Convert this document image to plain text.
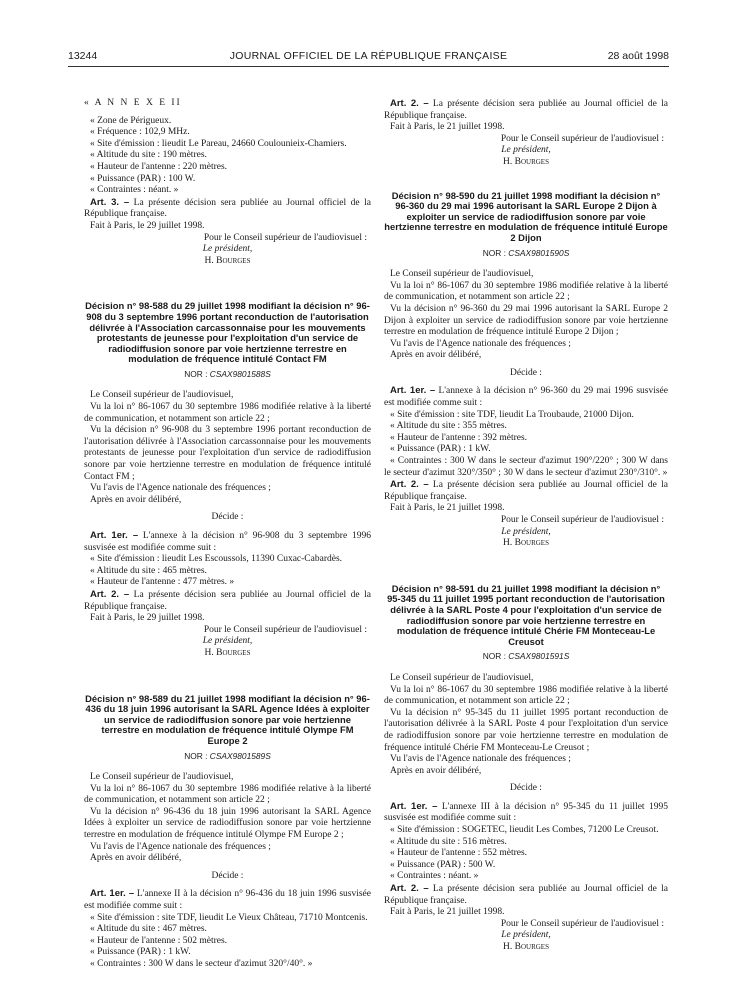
13244	JOURNAL OFFICIEL DE LA RÉPUBLIQUE FRANÇAISE	28 août 1998

« A N N E X E II

« Zone de Périgueux.

« Fréquence : 102,9 MHz.

« Site d'émission : lieudit Le Pareau, 24660 Coulounieix-Chamiers.

« Altitude du site : 190 mètres.

« Hauteur de l'antenne : 220 mètres.

« Puissance (PAR) : 100 W.

« Contraintes : néant. »

Art. 3. – La présente décision sera publiée au Journal officiel de la République française.

Fait à Paris, le 29 juillet 1998.

Pour le Conseil supérieur de l'audiovisuel :

Le président,

H. Bourges

Décision n° 98-588 du 29 juillet 1998 modifiant la décision n° 96-908 du 3 septembre 1996 portant reconduction de l'autorisation délivrée à l'Association carcassonnaise pour les mouvements protestants de jeunesse pour l'exploitation d'un service de radiodiffusion sonore par voie hertzienne terrestre en modulation de fréquence intitulé Contact FM

NOR : CSAX9801588S

Le Conseil supérieur de l'audiovisuel,

Vu la loi n° 86-1067 du 30 septembre 1986 modifiée relative à la liberté de communication, et notamment son article 22 ;

Vu la décision n° 96-908 du 3 septembre 1996 portant reconduction de l'autorisation délivrée à l'Association carcassonnaise pour les mouvements protestants de jeunesse pour l'exploitation d'un service de radiodiffusion sonore par voie hertzienne terrestre en modulation de fréquence intitulé Contact FM ;

Vu l'avis de l'Agence nationale des fréquences ;

Après en avoir délibéré,

Décide :

Art. 1er. – L'annexe à la décision n° 96-908 du 3 septembre 1996 susvisée est modifiée comme suit :

« Site d'émission : lieudit Les Escoussols, 11390 Cuxac-Cabardès.

« Altitude du site : 465 mètres.

« Hauteur de l'antenne : 477 mètres. »

Art. 2. – La présente décision sera publiée au Journal officiel de la République française.

Fait à Paris, le 29 juillet 1998.

Pour le Conseil supérieur de l'audiovisuel :

Le président,

H. Bourges

Décision n° 98-589 du 21 juillet 1998 modifiant la décision n° 96-436 du 18 juin 1996 autorisant la SARL Agence Idées à exploiter un service de radiodiffusion sonore par voie hertzienne terrestre en modulation de fréquence intitulé Olympe FM Europe 2

NOR : CSAX9801589S

Le Conseil supérieur de l'audiovisuel,

Vu la loi n° 86-1067 du 30 septembre 1986 modifiée relative à la liberté de communication, et notamment son article 22 ;

Vu la décision n° 96-436 du 18 juin 1996 autorisant la SARL Agence Idées à exploiter un service de radiodiffusion sonore par voie hertzienne terrestre en modulation de fréquence intitulé Olympe FM Europe 2 ;

Vu l'avis de l'Agence nationale des fréquences ;

Après en avoir délibéré,

Décide :

Art. 1er. – L'annexe II à la décision n° 96-436 du 18 juin 1996 susvisée est modifiée comme suit :

« Site d'émission : site TDF, lieudit Le Vieux Château, 71710 Montcenis.

« Altitude du site : 467 mètres.

« Hauteur de l'antenne : 502 mètres.

« Puissance (PAR) : 1 kW.

« Contraintes : 300 W dans le secteur d'azimut 320°/40°. »

Art. 2. – La présente décision sera publiée au Journal officiel de la République française.

Fait à Paris, le 21 juillet 1998.

Pour le Conseil supérieur de l'audiovisuel :

Le président,

H. Bourges

Décision n° 98-590 du 21 juillet 1998 modifiant la décision n° 96-360 du 29 mai 1996 autorisant la SARL Europe 2 Dijon à exploiter un service de radiodiffusion sonore par voie hertzienne terrestre en modulation de fréquence intitulé Europe 2 Dijon

NOR : CSAX9801590S

Le Conseil supérieur de l'audiovisuel,

Vu la loi n° 86-1067 du 30 septembre 1986 modifiée relative à la liberté de communication, et notamment son article 22 ;

Vu la décision n° 96-360 du 29 mai 1996 autorisant la SARL Europe 2 Dijon à exploiter un service de radiodiffusion sonore par voie hertzienne terrestre en modulation de fréquence intitulé Europe 2 Dijon ;

Vu l'avis de l'Agence nationale des fréquences ;

Après en avoir délibéré,

Décide :

Art. 1er. – L'annexe à la décision n° 96-360 du 29 mai 1996 susvisée est modifiée comme suit :

« Site d'émission : site TDF, lieudit La Troubaude, 21000 Dijon.

« Altitude du site : 355 mètres.

« Hauteur de l'antenne : 392 mètres.

« Puissance (PAR) : 1 kW.

« Contraintes : 300 W dans le secteur d'azimut 190°/220° ; 300 W dans le secteur d'azimut 320°/350° ; 30 W dans le secteur d'azimut 230°/310°. »

Art. 2. – La présente décision sera publiée au Journal officiel de la République française.

Fait à Paris, le 21 juillet 1998.

Pour le Conseil supérieur de l'audiovisuel :

Le président,

H. Bourges

Décision n° 98-591 du 21 juillet 1998 modifiant la décision n° 95-345 du 11 juillet 1995 portant reconduction de l'autorisation délivrée à la SARL Poste 4 pour l'exploitation d'un service de radiodiffusion sonore par voie hertzienne terrestre en modulation de fréquence intitulé Chérie FM Monteceau-Le Creusot

NOR : CSAX9801591S

Le Conseil supérieur de l'audiovisuel,

Vu la loi n° 86-1067 du 30 septembre 1986 modifiée relative à la liberté de communication, et notamment son article 22 ;

Vu la décision n° 95-345 du 11 juillet 1995 portant reconduction de l'autorisation délivrée à la SARL Poste 4 pour l'exploitation d'un service de radiodiffusion sonore par voie hertzienne terrestre en modulation de fréquence intitulé Chérie FM Monteceau-Le Creusot ;

Vu l'avis de l'Agence nationale des fréquences ;

Après en avoir délibéré,

Décide :

Art. 1er. – L'annexe III à la décision n° 95-345 du 11 juillet 1995 susvisée est modifiée comme suit :

« Site d'émission : SOGETEC, lieudit Les Combes, 71200 Le Creusot.

« Altitude du site : 516 mètres.

« Hauteur de l'antenne : 552 mètres.

« Puissance (PAR) : 500 W.

« Contraintes : néant. »

Art. 2. – La présente décision sera publiée au Journal officiel de la République française.

Fait à Paris, le 21 juillet 1998.

Pour le Conseil supérieur de l'audiovisuel :

Le président,

H. Bourges
